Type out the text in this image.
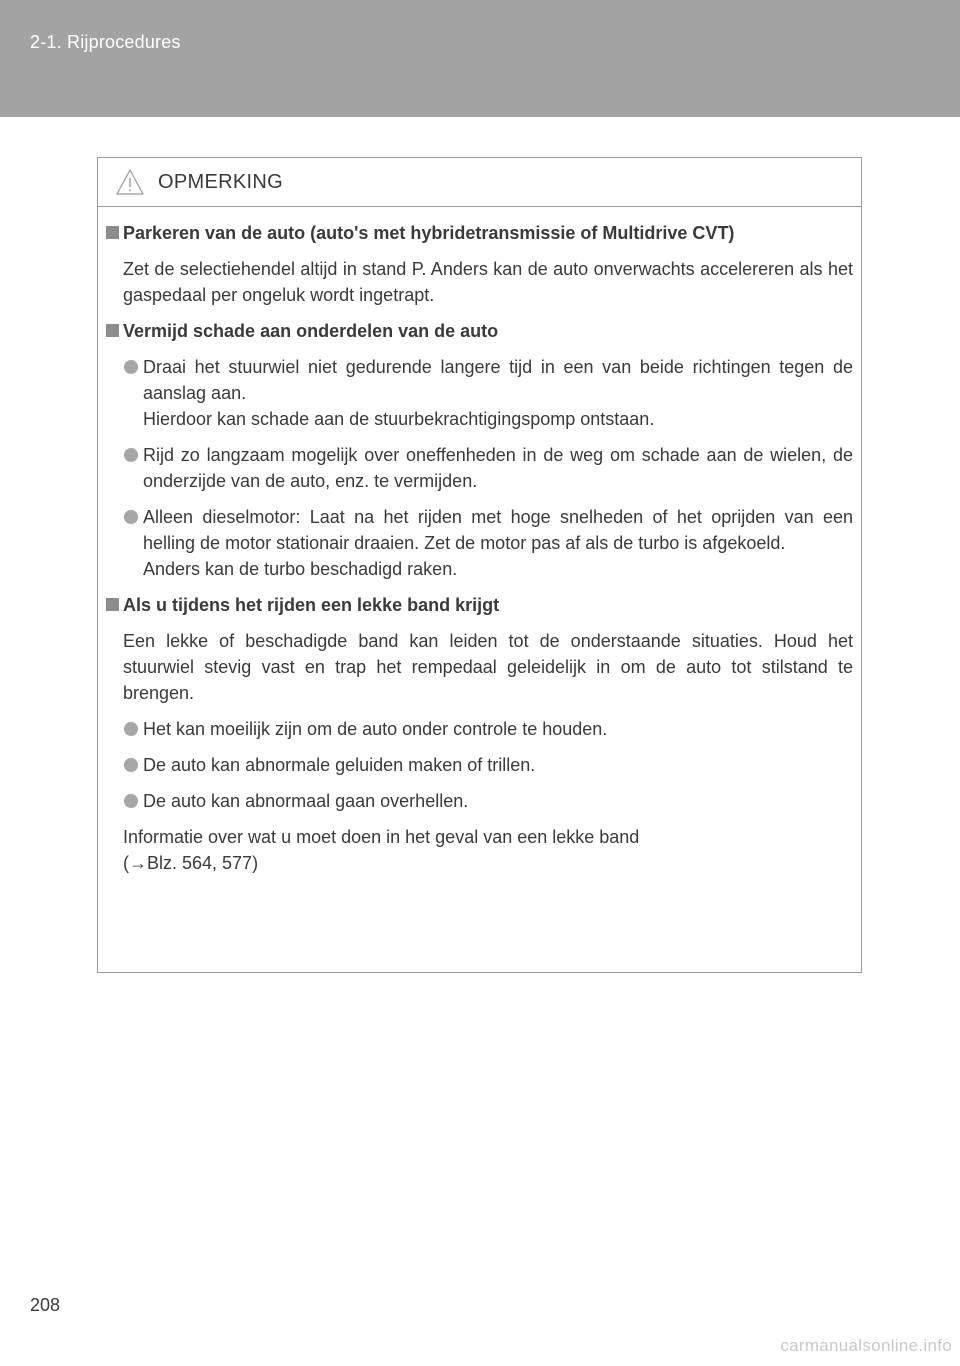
2-1. Rijprocedures
OPMERKING
Parkeren van de auto (auto's met hybridetransmissie of Multidrive CVT)
Zet de selectiehendel altijd in stand P. Anders kan de auto onverwachts accelereren als het gaspedaal per ongeluk wordt ingetrapt.
Vermijd schade aan onderdelen van de auto
Draai het stuurwiel niet gedurende langere tijd in een van beide richtingen tegen de aanslag aan.
Hierdoor kan schade aan de stuurbekrachtigingspomp ontstaan.
Rijd zo langzaam mogelijk over oneffenheden in de weg om schade aan de wielen, de onderzijde van de auto, enz. te vermijden.
Alleen dieselmotor: Laat na het rijden met hoge snelheden of het oprijden van een helling de motor stationair draaien. Zet de motor pas af als de turbo is afgekoeld.
Anders kan de turbo beschadigd raken.
Als u tijdens het rijden een lekke band krijgt
Een lekke of beschadigde band kan leiden tot de onderstaande situaties. Houd het stuurwiel stevig vast en trap het rempedaal geleidelijk in om de auto tot stilstand te brengen.
Het kan moeilijk zijn om de auto onder controle te houden.
De auto kan abnormale geluiden maken of trillen.
De auto kan abnormaal gaan overhellen.
Informatie over wat u moet doen in het geval van een lekke band
(→Blz. 564, 577)
208
carmanualsonline.info
